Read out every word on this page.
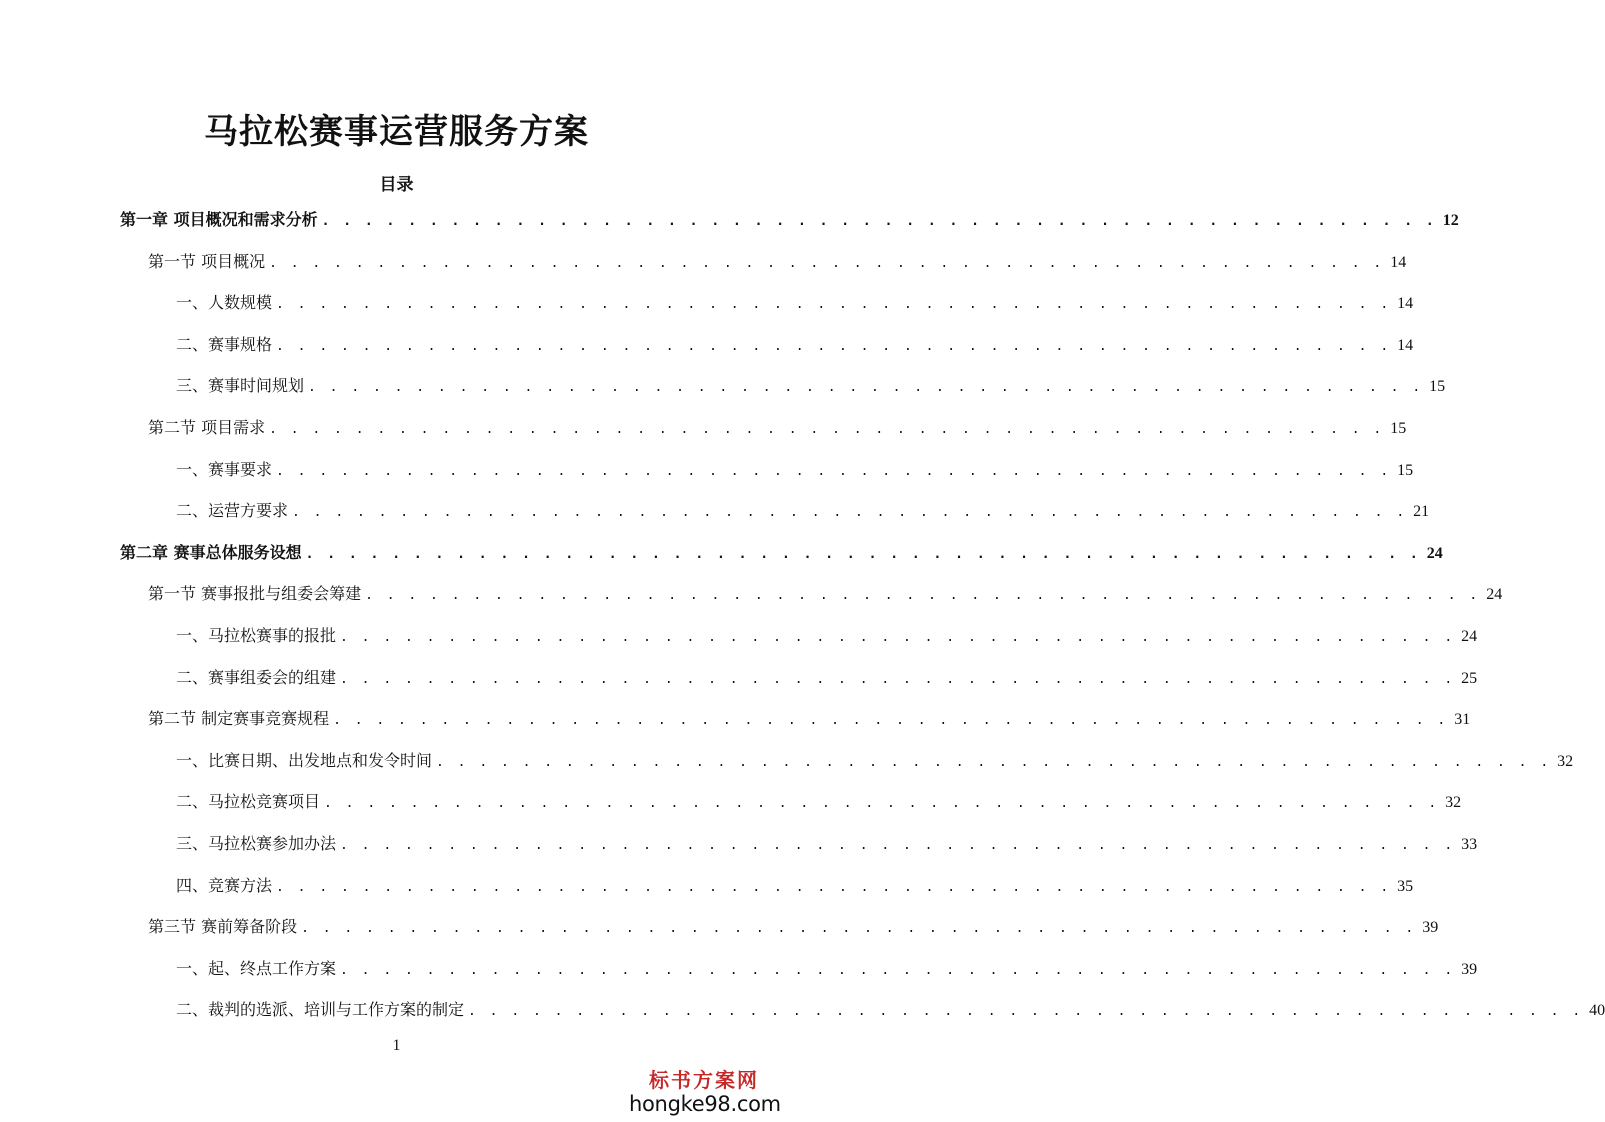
马拉松赛事运营服务方案
目录
第一章 项目概况和需求分析 . . . . . . . . . . . . . . . . . . . . . . . . . . . . . . . . . . . . . . . . . . . . . . . . . . . . 12
第一节 项目概况 . . . . . . . . . . . . . . . . . . . . . . . . . . . . . . . . . . . . . . . . . . . . . . . . . . . . 14
一、人数规模 . . . . . . . . . . . . . . . . . . . . . . . . . . . . . . . . . . . . . . . . . . . . . . . . . . . . 14
二、赛事规格 . . . . . . . . . . . . . . . . . . . . . . . . . . . . . . . . . . . . . . . . . . . . . . . . . . . . 14
三、赛事时间规划 . . . . . . . . . . . . . . . . . . . . . . . . . . . . . . . . . . . . . . . . . . . . . . . . . . . . 15
第二节 项目需求 . . . . . . . . . . . . . . . . . . . . . . . . . . . . . . . . . . . . . . . . . . . . . . . . . . . . 15
一、赛事要求 . . . . . . . . . . . . . . . . . . . . . . . . . . . . . . . . . . . . . . . . . . . . . . . . . . . . 15
二、运营方要求 . . . . . . . . . . . . . . . . . . . . . . . . . . . . . . . . . . . . . . . . . . . . . . . . . . . . 21
第二章 赛事总体服务设想 . . . . . . . . . . . . . . . . . . . . . . . . . . . . . . . . . . . . . . . . . . . . . . . . . . . . 24
第一节 赛事报批与组委会筹建 . . . . . . . . . . . . . . . . . . . . . . . . . . . . . . . . . . . . . . . . . . . . . . . . . . . . 24
一、马拉松赛事的报批 . . . . . . . . . . . . . . . . . . . . . . . . . . . . . . . . . . . . . . . . . . . . . . . . . . . . 24
二、赛事组委会的组建 . . . . . . . . . . . . . . . . . . . . . . . . . . . . . . . . . . . . . . . . . . . . . . . . . . . . 25
第二节 制定赛事竞赛规程 . . . . . . . . . . . . . . . . . . . . . . . . . . . . . . . . . . . . . . . . . . . . . . . . . . . . 31
一、比赛日期、出发地点和发令时间 . . . . . . . . . . . . . . . . . . . . . . . . . . . . . . . . . . . . . . . . . . . . . . . . . . . . 32
二、马拉松竞赛项目 . . . . . . . . . . . . . . . . . . . . . . . . . . . . . . . . . . . . . . . . . . . . . . . . . . . . 32
三、马拉松赛参加办法 . . . . . . . . . . . . . . . . . . . . . . . . . . . . . . . . . . . . . . . . . . . . . . . . . . . . 33
四、竞赛方法 . . . . . . . . . . . . . . . . . . . . . . . . . . . . . . . . . . . . . . . . . . . . . . . . . . . . 35
第三节 赛前筹备阶段 . . . . . . . . . . . . . . . . . . . . . . . . . . . . . . . . . . . . . . . . . . . . . . . . . . . . 39
一、起、终点工作方案 . . . . . . . . . . . . . . . . . . . . . . . . . . . . . . . . . . . . . . . . . . . . . . . . . . . . 39
二、裁判的选派、培训与工作方案的制定 . . . . . . . . . . . . . . . . . . . . . . . . . . . . . . . . . . . . . . . . . . . . . . . . . . . . 40
1
标书方案网
hongke98.com
